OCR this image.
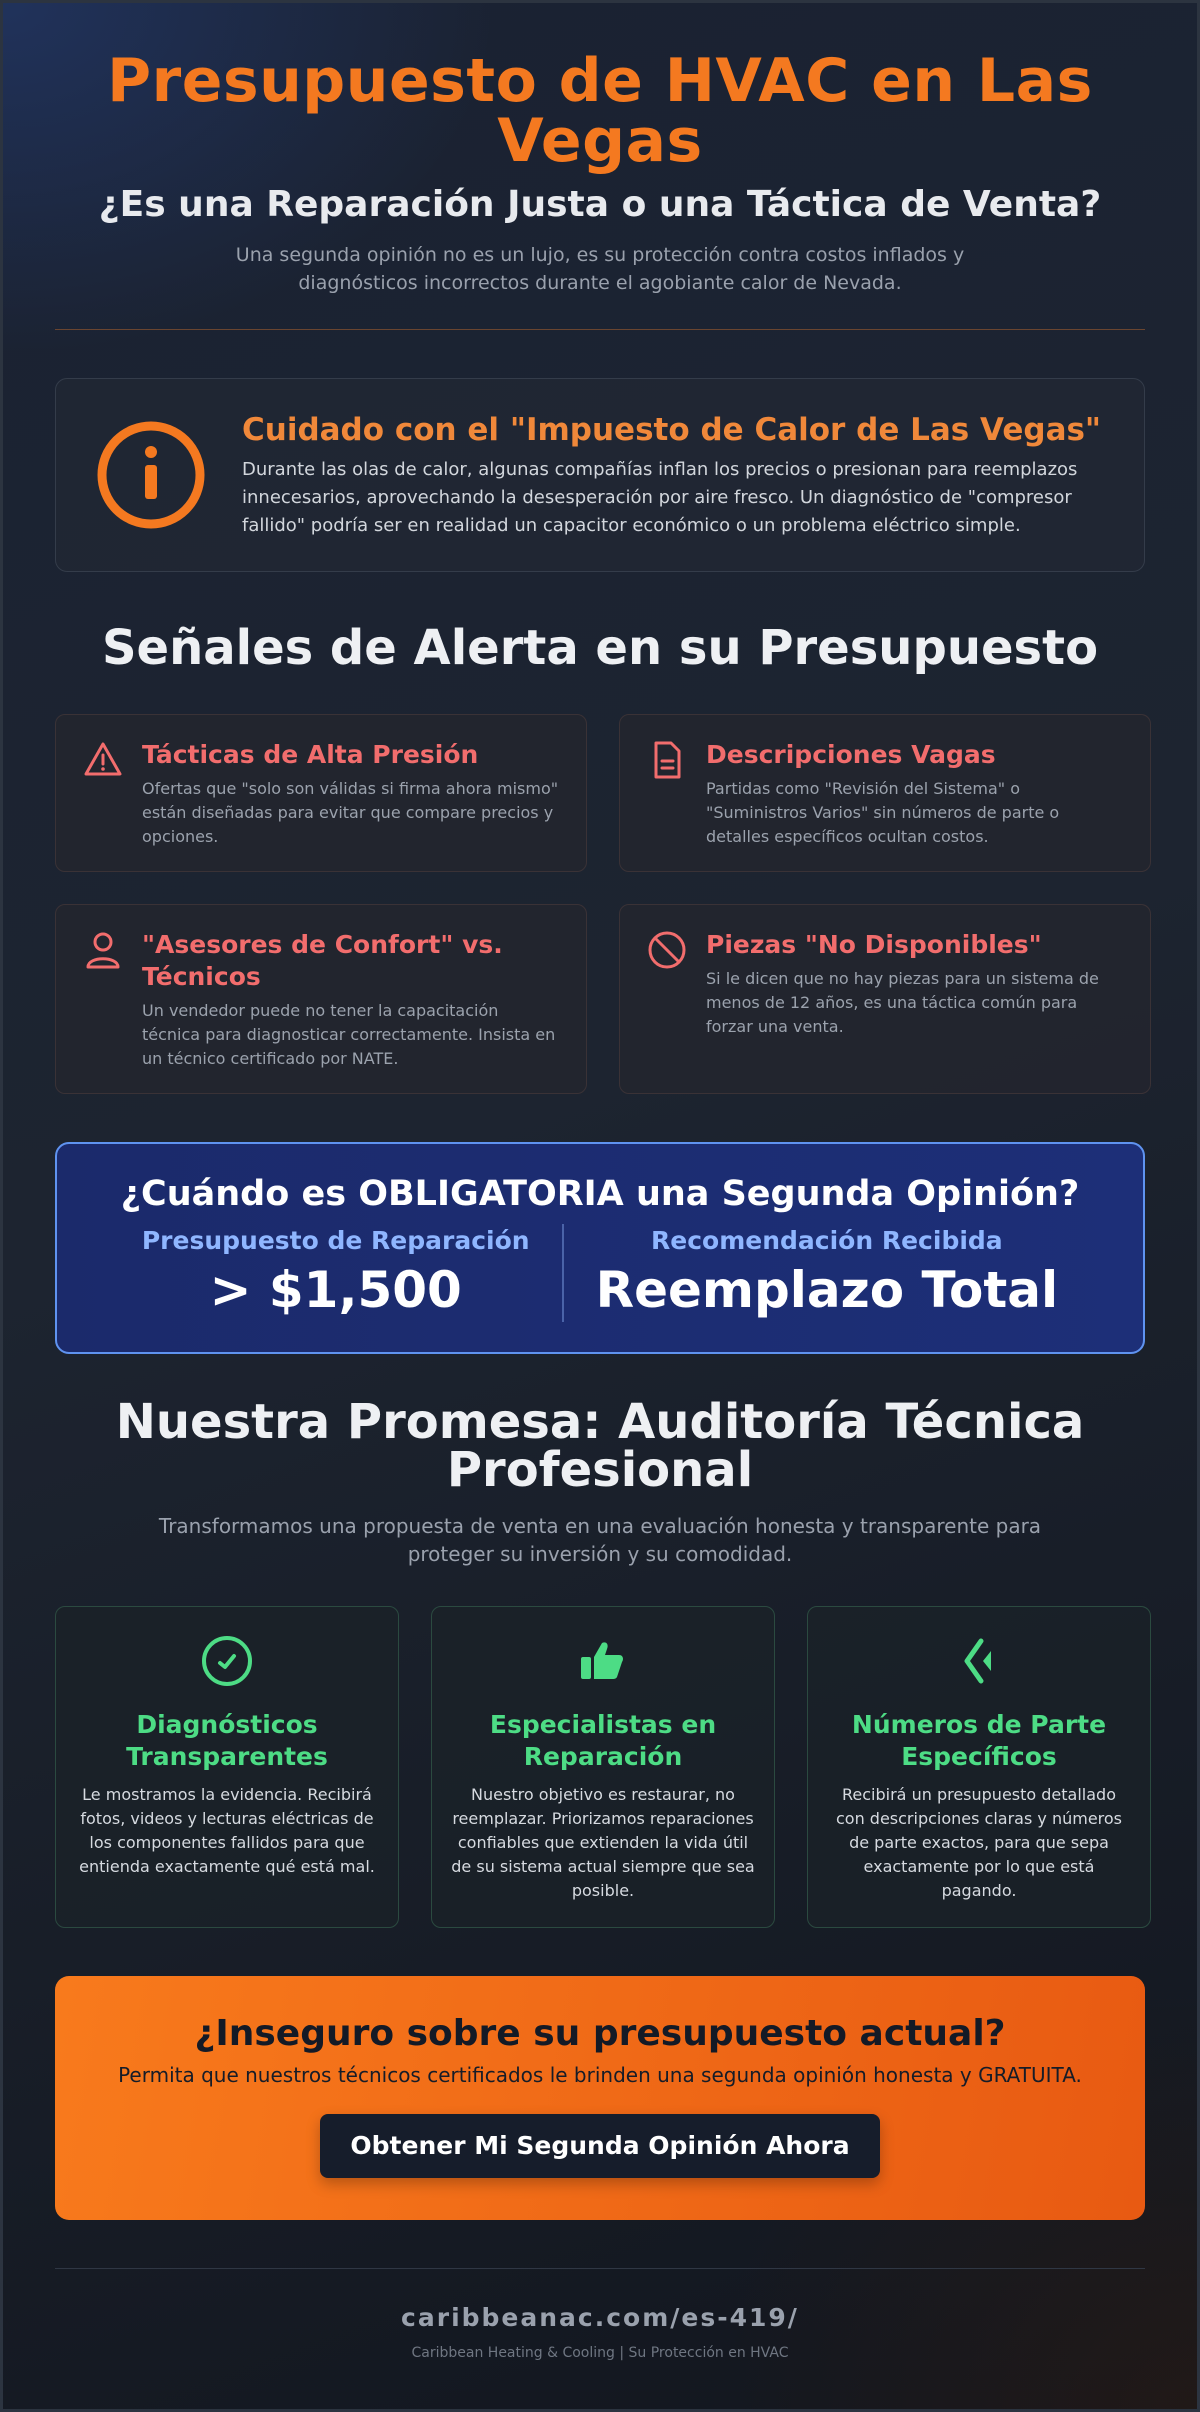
Presupuesto de HVAC en Las Vegas
¿Es una Reparación Justa o una Táctica de Venta?

Una segunda opinión no es un lujo, es su protección contra costos inflados y diagnósticos incorrectos durante el agobiante calor de Nevada.

Cuidado con el "Impuesto de Calor de Las Vegas"

Durante las olas de calor, algunas compañías inflan los precios o presionan para reemplazos innecesarios, aprovechando la desesperación por aire fresco. Un diagnóstico de "compresor fallido" podría ser en realidad un capacitor económico o un problema eléctrico simple.

Señales de Alerta en su Presupuesto
Tácticas de Alta Presión

Ofertas que "solo son válidas si firma ahora mismo" están diseñadas para evitar que compare precios y opciones.

Descripciones Vagas

Partidas como "Revisión del Sistema" o "Suministros Varios" sin números de parte o detalles específicos ocultan costos.

"Asesores de Confort" vs. Técnicos

Un vendedor puede no tener la capacitación técnica para diagnosticar correctamente. Insista en un técnico certificado por NATE.

Piezas "No Disponibles"

Si le dicen que no hay piezas para un sistema de menos de 12 años, es una táctica común para forzar una venta.

¿Cuándo es OBLIGATORIA una Segunda Opinión?
Presupuesto de Reparación
> $1,500
Recomendación Recibida
Reemplazo Total
Nuestra Promesa: Auditoría Técnica Profesional

Transformamos una propuesta de venta en una evaluación honesta y transparente para proteger su inversión y su comodidad.

Diagnósticos Transparentes

Le mostramos la evidencia. Recibirá fotos, videos y lecturas eléctricas de los componentes fallidos para que entienda exactamente qué está mal.

Especialistas en Reparación

Nuestro objetivo es restaurar, no reemplazar. Priorizamos reparaciones confiables que extienden la vida útil de su sistema actual siempre que sea posible.

Números de Parte Específicos

Recibirá un presupuesto detallado con descripciones claras y números de parte exactos, para que sepa exactamente por lo que está pagando.

¿Inseguro sobre su presupuesto actual?

Permita que nuestros técnicos certificados le brinden una segunda opinión honesta y GRATUITA.

Obtener Mi Segunda Opinión Ahora
caribbeanac.com/es-419/
Caribbean Heating & Cooling | Su Protección en HVAC
